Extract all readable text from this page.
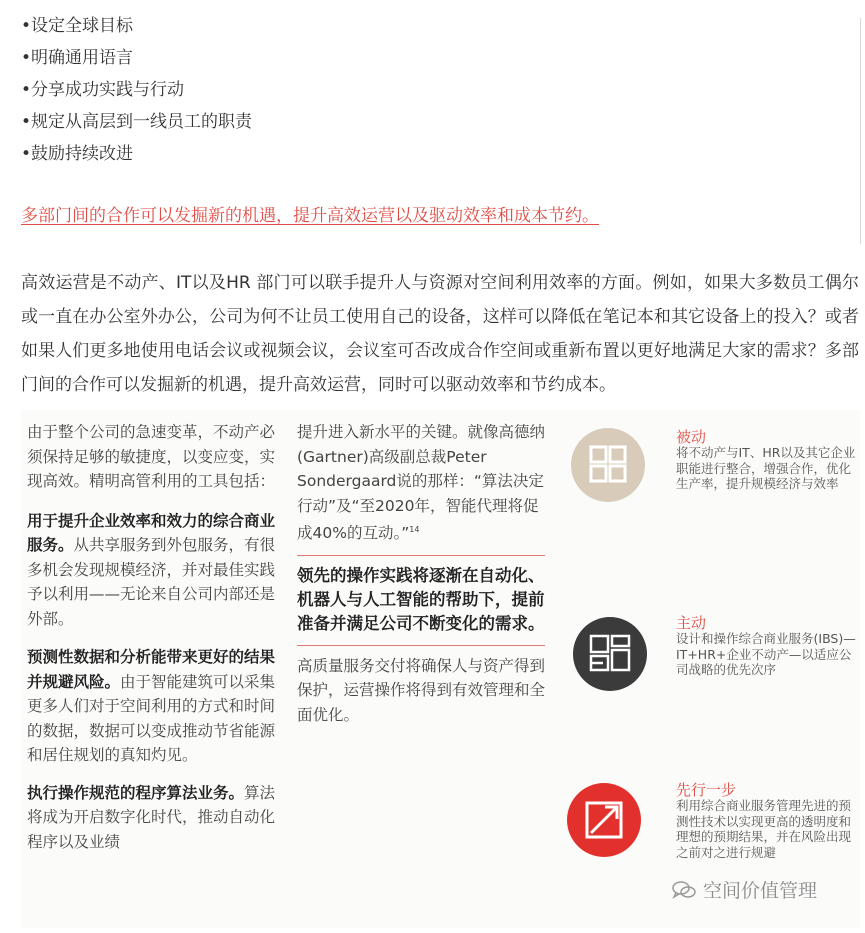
•设定全球目标
•明确通用语言
•分享成功实践与行动
•规定从高层到一线员工的职责
•鼓励持续改进
多部门间的合作可以发掘新的机遇，提升高效运营以及驱动效率和成本节约。
高效运营是不动产、IT以及HR 部门可以联手提升人与资源对空间利用效率的方面。例如，如果大多数员工偶尔或一直在办公室外办公，公司为何不让员工使用自己的设备，这样可以降低在笔记本和其它设备上的投入？或者如果人们更多地使用电话会议或视频会议，会议室可否改成合作空间或重新布置以更好地满足大家的需求？多部门间的合作可以发掘新的机遇，提升高效运营，同时可以驱动效率和节约成本。

由于整个公司的急速变革，不动产必须保持足够的敏捷度，以变应变，实现高效。精明高管利用的工具包括：

用于提升企业效率和效力的综合商业服务。从共享服务到外包服务，有很多机会发现规模经济，并对最佳实践予以利用——无论来自公司内部还是外部。

预测性数据和分析能带来更好的结果并规避风险。由于智能建筑可以采集更多人们对于空间利用的方式和时间的数据，数据可以变成推动节省能源和居住规划的真知灼见。

执行操作规范的程序算法业务。算法将成为开启数字化时代，推动自动化程序以及业绩

提升进入新水平的关键。就像高德纳(Gartner)高级副总裁Peter Sondergaard说的那样：“算法决定行动”及“至2020年，智能代理将促成40%的互动。”$^{14}$

领先的操作实践将逐渐在自动化、机器人与人工智能的帮助下，提前准备并满足公司不断变化的需求。

高质量服务交付将确保人与资产得到保护，运营操作将得到有效管理和全面优化。

被动
将不动产与IT、HR以及其它企业职能进行整合，增强合作，优化生产率，提升规模经济与效率
主动
设计和操作综合商业服务(IBS)—IT+HR+企业不动产—以适应公司战略的优先次序
先行一步
利用综合商业服务管理先进的预测性技术以实现更高的透明度和理想的预期结果，并在风险出现之前对之进行规避
空间价值管理
